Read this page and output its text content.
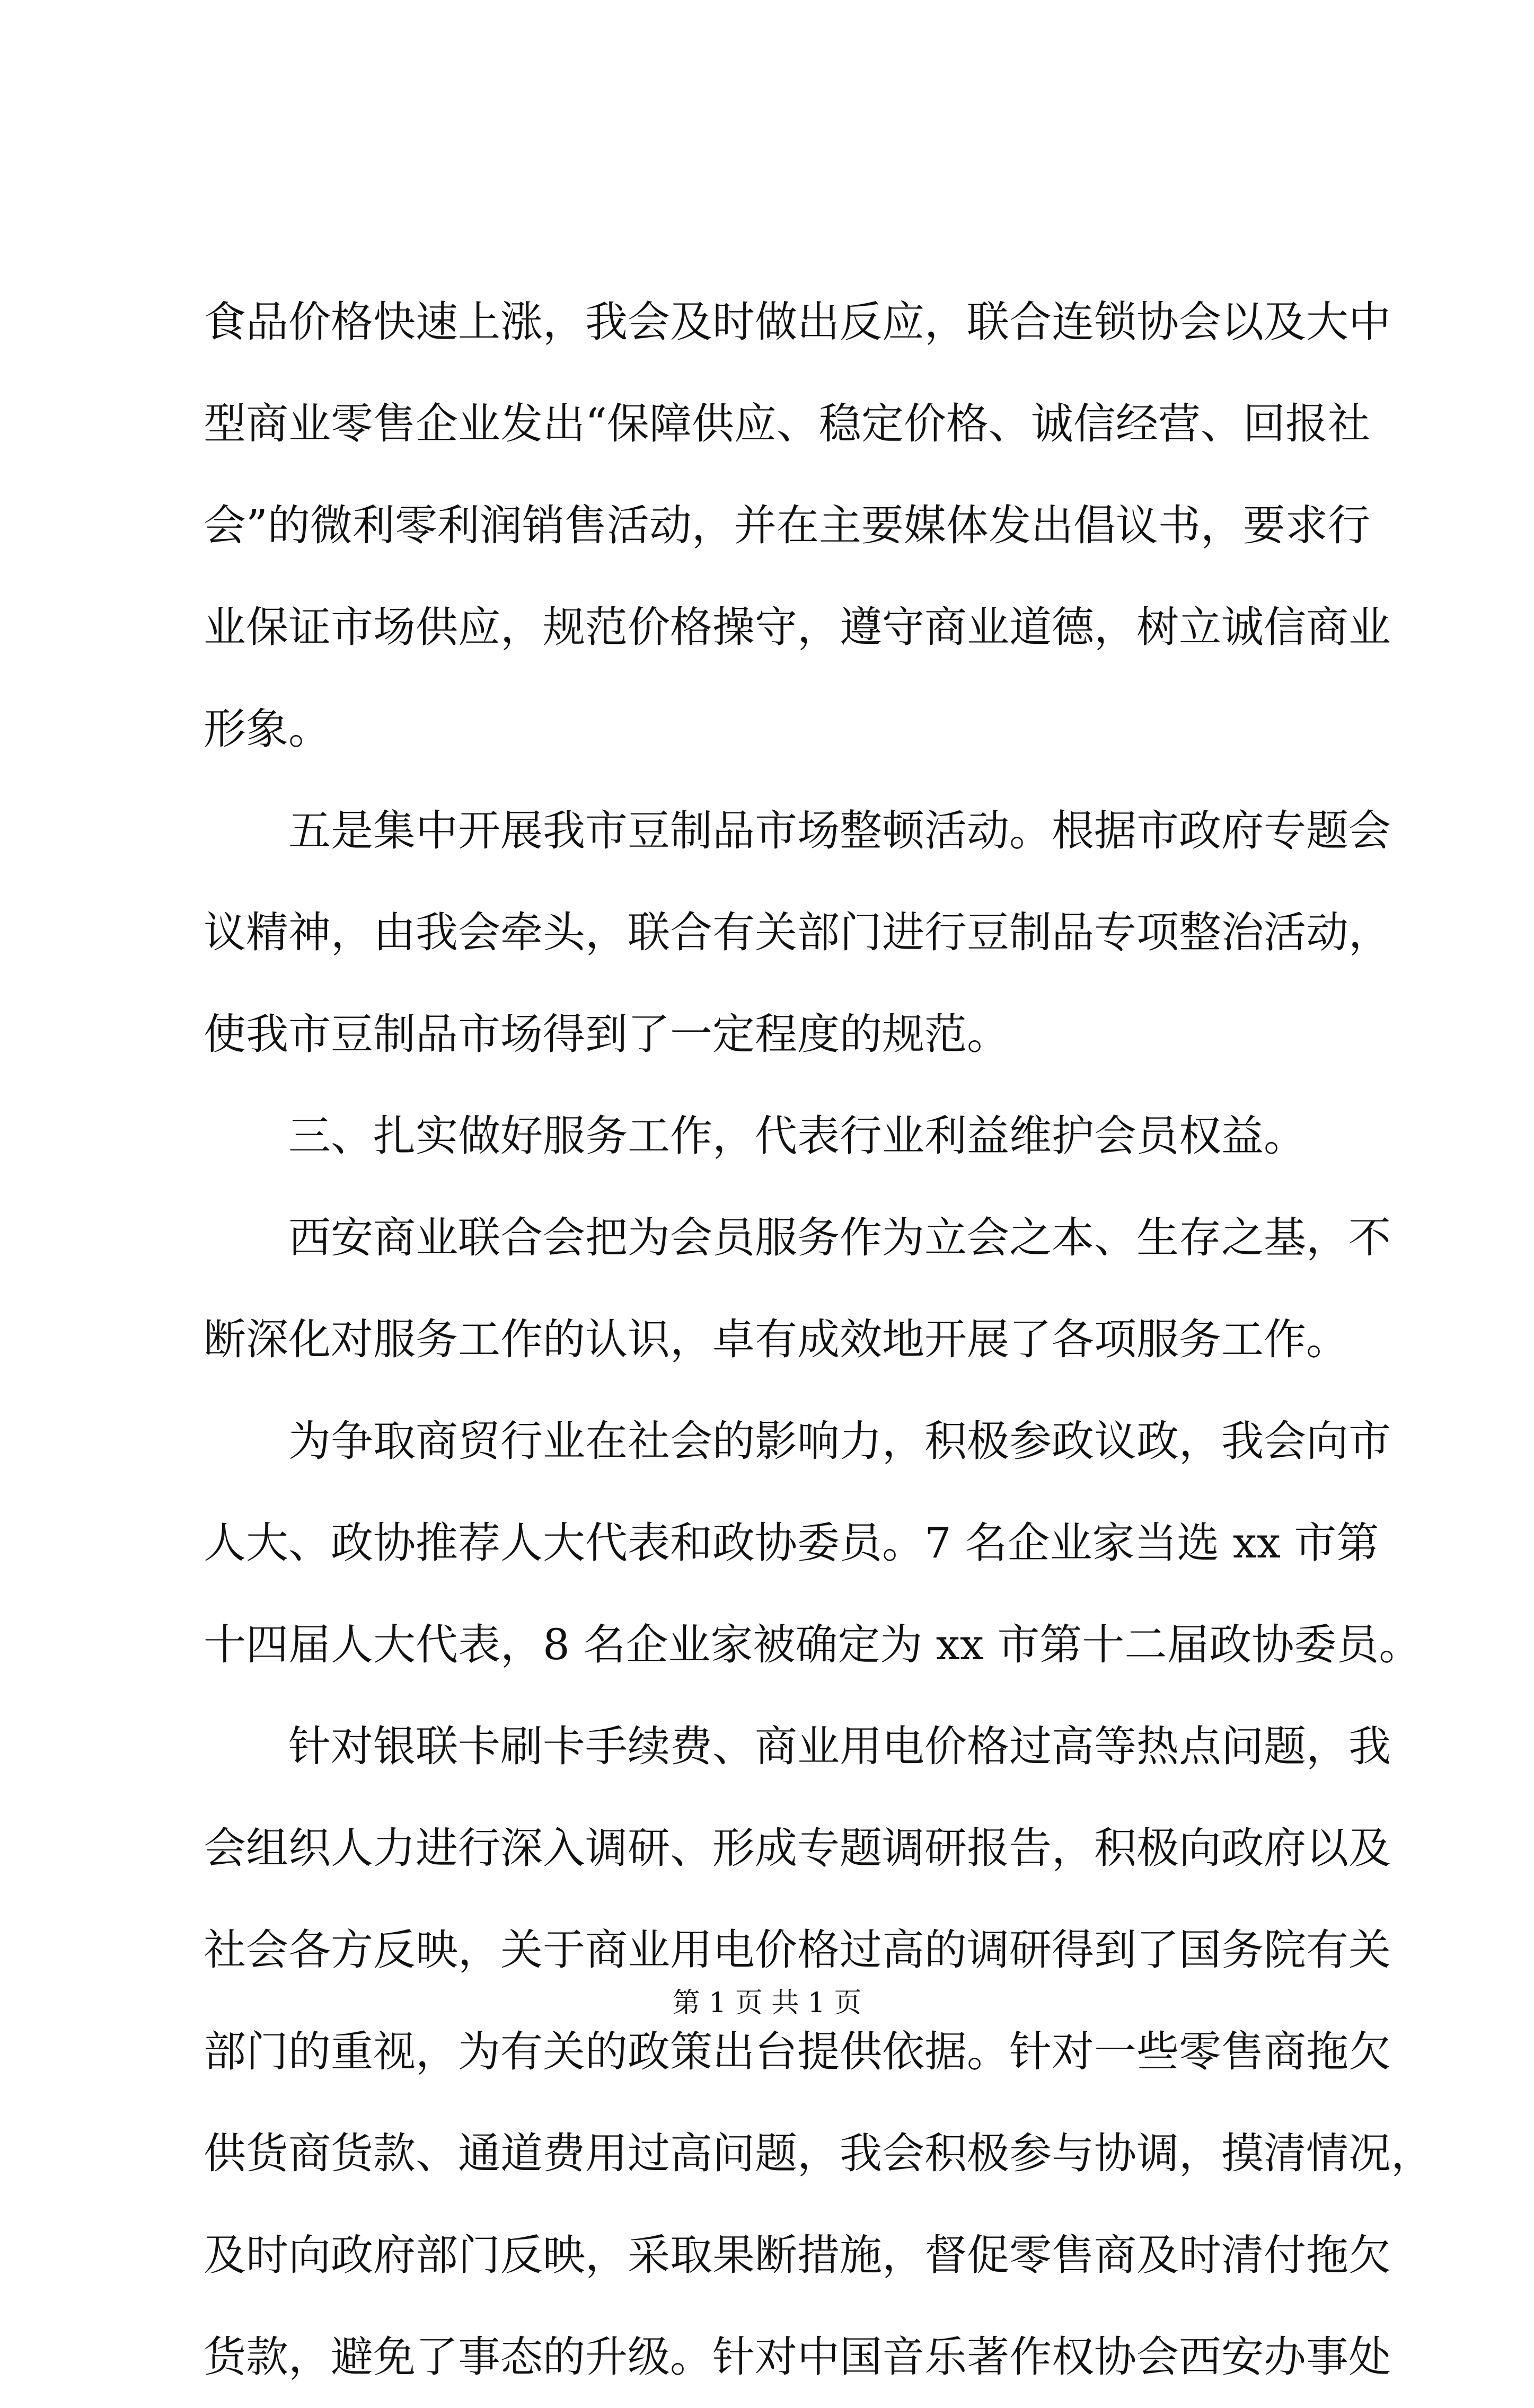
食品价格快速上涨，我会及时做出反应，联合连锁协会以及大中
型商业零售企业发出“保障供应、稳定价格、诚信经营、回报社
会”的微利零利润销售活动，并在主要媒体发出倡议书，要求行
业保证市场供应，规范价格操守，遵守商业道德，树立诚信商业
形象。
　　五是集中开展我市豆制品市场整顿活动。根据市政府专题会
议精神，由我会牵头，联合有关部门进行豆制品专项整治活动，
使我市豆制品市场得到了一定程度的规范。
　　三、扎实做好服务工作，代表行业利益维护会员权益。
　　西安商业联合会把为会员服务作为立会之本、生存之基，不
断深化对服务工作的认识，卓有成效地开展了各项服务工作。
　　为争取商贸行业在社会的影响力，积极参政议政，我会向市
人大、政协推荐人大代表和政协委员。7 名企业家当选 xx 市第
十四届人大代表，8 名企业家被确定为 xx 市第十二届政协委员。
　　针对银联卡刷卡手续费、商业用电价格过高等热点问题，我
会组织人力进行深入调研、形成专题调研报告，积极向政府以及
社会各方反映，关于商业用电价格过高的调研得到了国务院有关
部门的重视，为有关的政策出台提供依据。针对一些零售商拖欠
供货商货款、通道费用过高问题，我会积极参与协调，摸清情况，
及时向政府部门反映，采取果断措施，督促零售商及时清付拖欠
货款，避免了事态的升级。针对中国音乐著作权协会西安办事处
第 1 页 共 1 页
